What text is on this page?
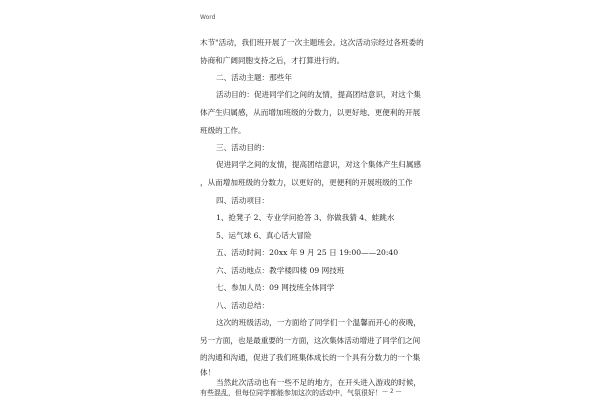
Word
木节"活动，我们班开展了一次主题班会。这次活动宗经过各班委的
协商和广阔同胞支持之后，才打算进行的。
二、活动主题：那些年
活动目的：促进同学们之间的友情，提高团结意识，对这个集
体产生归属感，从而增加班级的分数力，以更好地、更便利的开展
班级的工作。
三、活动目的：
促进同学之间的友情，提高团结意识，对这个集体产生归属感
，从而增加班级的分数力，以更好的，更便利的开展班级的工作
四、活动项目：
1、抢凳子 2、专业学问抢答 3、你做我猜 4、蛙跳水
5、运气球 6、真心话大冒险
五、活动时间：20xx 年 9 月 25 日 19:00——20:40
六、活动地点：教学楼四楼 09 网技班
七、参加人员：09 网技班全体同学
八、活动总结：
这次的班级活动，一方面给了同学们一个温馨而开心的夜晚，
另一方面，也是最重要的一方面，这次集体活动增进了同学们之间
的沟通和沟通，促进了我们班集体成长的一个具有分数力的一个集
体！
当然此次活动也有一些不足的地方，在开头进入游戏的时候，
有些混乱，但每位同学都能参加这次的活动中，气氛很好！ — 2 —
